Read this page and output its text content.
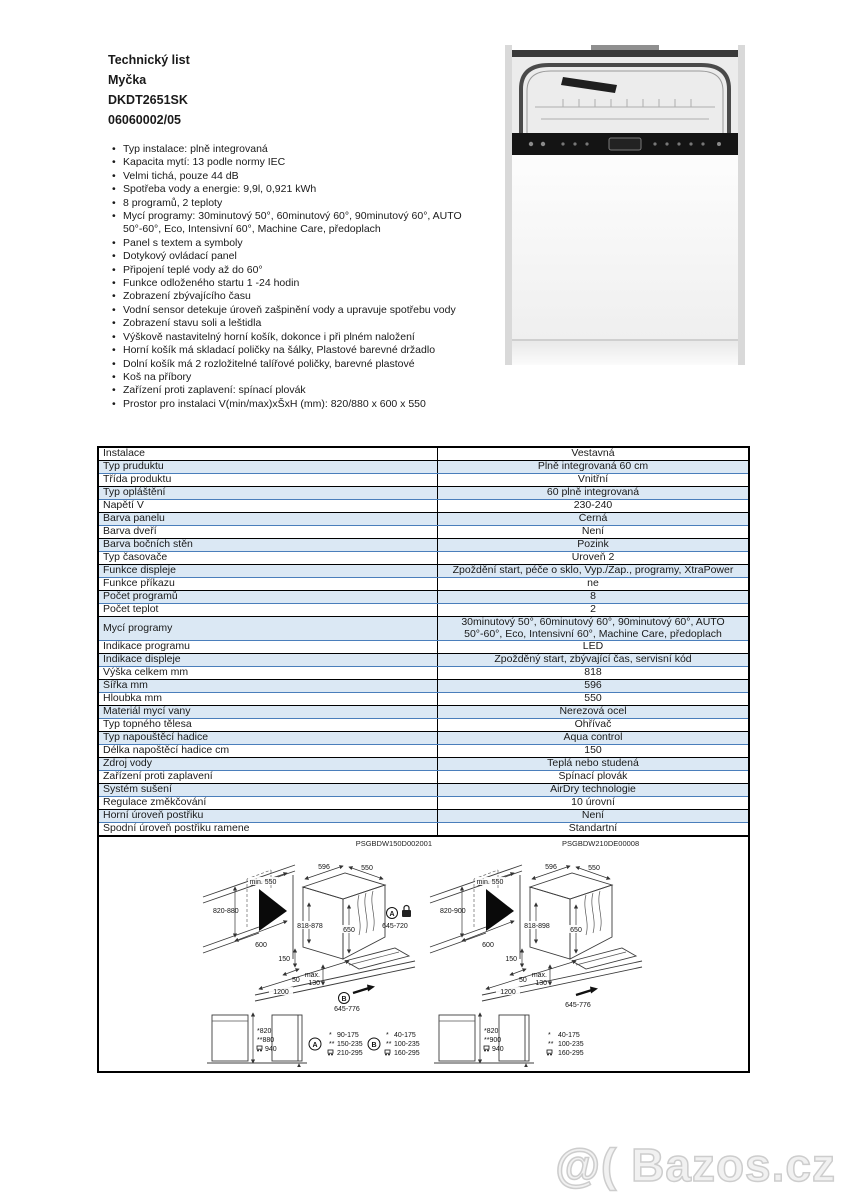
Technický list
Myčka
DKDT2651SK
06060002/05
• Typ instalace: plně integrovaná
• Kapacita mytí: 13 podle normy IEC
• Velmi tichá, pouze 44 dB
• Spotřeba vody a energie: 9,9l, 0,921 kWh
• 8 programů, 2 teploty
• Mycí programy: 30minutový 50°, 60minutový 60°, 90minutový 60°, AUTO 50°-60°, Eco, Intensivní 60°, Machine Care, předoplach
• Panel s textem a symboly
• Dotykový ovládací panel
• Připojení teplé vody až do 60°
• Funkce odloženého startu 1 -24 hodin
• Zobrazení zbývajícího času
• Vodní sensor detekuje úroveň zašpinění vody a upravuje spotřebu vody
• Zobrazení stavu soli a leštidla
• Výškově nastavitelný horní košík, dokonce i při plném naložení
• Horní košík má skladací poličky na šálky, Plastové barevné držadlo
• Dolní košík má 2 rozložitelné talířové poličky, barevné plastové
• Koš na příbory
• Zařízení proti zaplavení: spínací plovák
• Prostor pro instalaci V(min/max)xŠxH (mm): 820/880 x 600 x 550
Instalace	Vestavná
Typ pruduktu	Plně integrovaná 60 cm
Třída produktu	Vnitřní
Typ opláštění	60 plně integrovaná
Napětí V	230-240
Barva panelu	Černá
Barva dveří	Není
Barva bočních stěn	Pozink
Typ časovače	Uroveň 2
Funkce displeje	Zpoždění start, péče o sklo, Vyp./Zap., programy, XtraPower
Funkce příkazu	ne
Počet programů	8
Počet teplot	2
Mycí programy	30minutový 50°, 60minutový 60°, 90minutový 60°, AUTO 50°-60°, Eco, Intensivní 60°, Machine Care, předoplach
Indikace programu	LED
Indikace displeje	Zpožděný start, zbývající čas, servisní kód
Výška celkem mm	818
Šířka mm	596
Hloubka mm	550
Materiál mycí vany	Nerezová ocel
Typ topného tělesa	Ohřívač
Typ napouštěcí hadice	Aqua control
Délka napoštěcí hadice cm	150
Zdroj vody	Teplá nebo studená
Zařízení proti zaplavení	Spínací plovák
Systém sušení	AirDry technologie
Regulace změkčování	10 úrovní
Horní úroveň postřiku	Není
Spodní úroveň postřiku ramene	Standartní
PSGBDW150D002001	PSGBDW210DE00008
min. 550
820-880
596	550
818-878
600
650
150
50
1200
max.
130
A
645-720
B
645-776
*820
**880
940
A
* 90-175
** 150-235
210-295
B
* 40-175
** 100-235
160-295
min. 550
820-900
596	550
818-898
600
650
150
50
1200
max.
130
645-776
*820
**900
940
* 40-175
** 100-235
160-295
@( Bazos.cz
